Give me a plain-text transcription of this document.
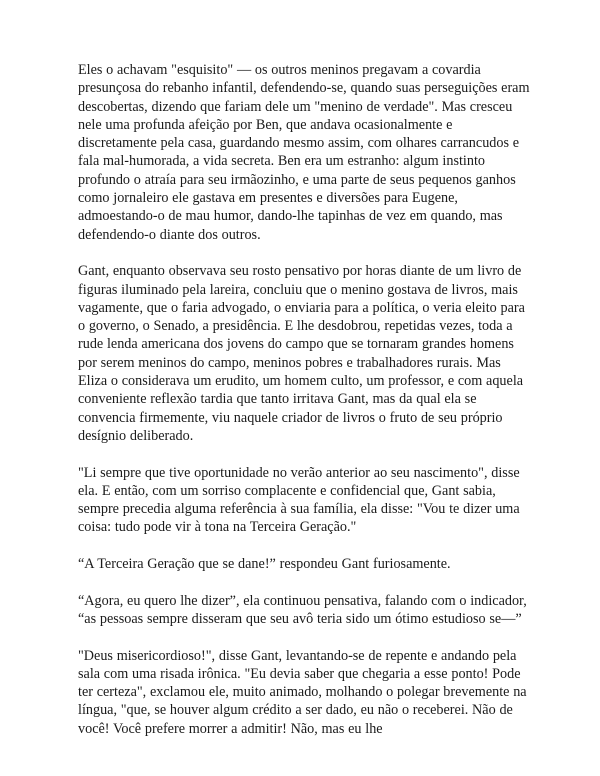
Eles o achavam "esquisito" — os outros meninos pregavam a covardia presunçosa do rebanho infantil, defendendo-se, quando suas perseguições eram descobertas, dizendo que fariam dele um "menino de verdade". Mas cresceu nele uma profunda afeição por Ben, que andava ocasionalmente e discretamente pela casa, guardando mesmo assim, com olhares carrancudos e fala mal-humorada, a vida secreta. Ben era um estranho: algum instinto profundo o atraía para seu irmãozinho, e uma parte de seus pequenos ganhos como jornaleiro ele gastava em presentes e diversões para Eugene, admoestando-o de mau humor, dando-lhe tapinhas de vez em quando, mas defendendo-o diante dos outros.

Gant, enquanto observava seu rosto pensativo por horas diante de um livro de figuras iluminado pela lareira, concluiu que o menino gostava de livros, mais vagamente, que o faria advogado, o enviaria para a política, o veria eleito para o governo, o Senado, a presidência. E lhe desdobrou, repetidas vezes, toda a rude lenda americana dos jovens do campo que se tornaram grandes homens por serem meninos do campo, meninos pobres e trabalhadores rurais. Mas Eliza o considerava um erudito, um homem culto, um professor, e com aquela conveniente reflexão tardia que tanto irritava Gant, mas da qual ela se convencia firmemente, viu naquele criador de livros o fruto de seu próprio desígnio deliberado.

"Li sempre que tive oportunidade no verão anterior ao seu nascimento", disse ela. E então, com um sorriso complacente e confidencial que, Gant sabia, sempre precedia alguma referência à sua família, ela disse: "Vou te dizer uma coisa: tudo pode vir à tona na Terceira Geração."

“A Terceira Geração que se dane!” respondeu Gant furiosamente.

“Agora, eu quero lhe dizer”, ela continuou pensativa, falando com o indicador, “as pessoas sempre disseram que seu avô teria sido um ótimo estudioso se—”

"Deus misericordioso!", disse Gant, levantando-se de repente e andando pela sala com uma risada irônica. "Eu devia saber que chegaria a esse ponto! Pode ter certeza", exclamou ele, muito animado, molhando o polegar brevemente na língua, "que, se houver algum crédito a ser dado, eu não o receberei. Não de você! Você prefere morrer a admitir! Não, mas eu lhe
